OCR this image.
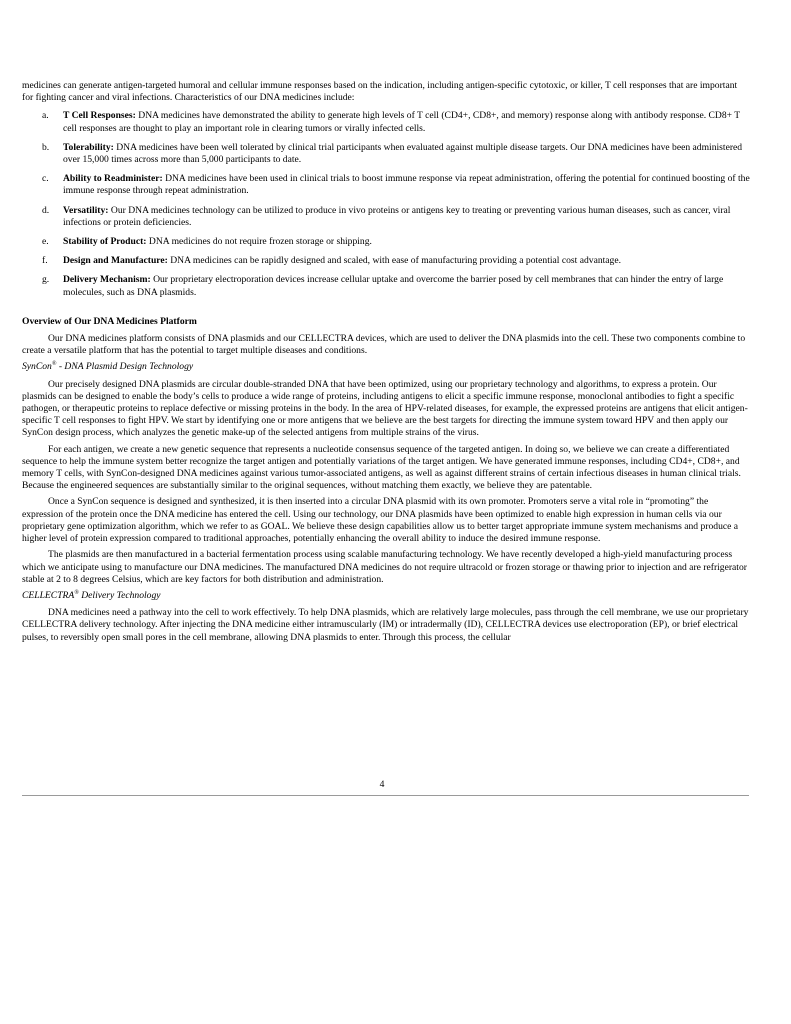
medicines can generate antigen-targeted humoral and cellular immune responses based on the indication, including antigen-specific cytotoxic, or killer, T cell responses that are important for fighting cancer and viral infections. Characteristics of our DNA medicines include:

a. T Cell Responses: DNA medicines have demonstrated the ability to generate high levels of T cell (CD4+, CD8+, and memory) response along with antibody response. CD8+ T cell responses are thought to play an important role in clearing tumors or virally infected cells.
b. Tolerability: DNA medicines have been well tolerated by clinical trial participants when evaluated against multiple disease targets. Our DNA medicines have been administered over 15,000 times across more than 5,000 participants to date.
c. Ability to Readminister: DNA medicines have been used in clinical trials to boost immune response via repeat administration, offering the potential for continued boosting of the immune response through repeat administration.
d. Versatility: Our DNA medicines technology can be utilized to produce in vivo proteins or antigens key to treating or preventing various human diseases, such as cancer, viral infections or protein deficiencies.
e. Stability of Product: DNA medicines do not require frozen storage or shipping.
f. Design and Manufacture: DNA medicines can be rapidly designed and scaled, with ease of manufacturing providing a potential cost advantage.
g. Delivery Mechanism: Our proprietary electroporation devices increase cellular uptake and overcome the barrier posed by cell membranes that can hinder the entry of large molecules, such as DNA plasmids.

Overview of Our DNA Medicines Platform

Our DNA medicines platform consists of DNA plasmids and our CELLECTRA devices, which are used to deliver the DNA plasmids into the cell. These two components combine to create a versatile platform that has the potential to target multiple diseases and conditions.

SynCon® - DNA Plasmid Design Technology

Our precisely designed DNA plasmids are circular double-stranded DNA that have been optimized, using our proprietary technology and algorithms, to express a protein. Our plasmids can be designed to enable the body’s cells to produce a wide range of proteins, including antigens to elicit a specific immune response, monoclonal antibodies to fight a specific pathogen, or therapeutic proteins to replace defective or missing proteins in the body. In the area of HPV-related diseases, for example, the expressed proteins are antigens that elicit antigen-specific T cell responses to fight HPV. We start by identifying one or more antigens that we believe are the best targets for directing the immune system toward HPV and then apply our SynCon design process, which analyzes the genetic make-up of the selected antigens from multiple strains of the virus.

For each antigen, we create a new genetic sequence that represents a nucleotide consensus sequence of the targeted antigen. In doing so, we believe we can create a differentiated sequence to help the immune system better recognize the target antigen and potentially variations of the target antigen. We have generated immune responses, including CD4+, CD8+, and memory T cells, with SynCon-designed DNA medicines against various tumor-associated antigens, as well as against different strains of certain infectious diseases in human clinical trials. Because the engineered sequences are substantially similar to the original sequences, without matching them exactly, we believe they are patentable.

Once a SynCon sequence is designed and synthesized, it is then inserted into a circular DNA plasmid with its own promoter. Promoters serve a vital role in “promoting” the expression of the protein once the DNA medicine has entered the cell. Using our technology, our DNA plasmids have been optimized to enable high expression in human cells via our proprietary gene optimization algorithm, which we refer to as GOAL. We believe these design capabilities allow us to better target appropriate immune system mechanisms and produce a higher level of protein expression compared to traditional approaches, potentially enhancing the overall ability to induce the desired immune response.

The plasmids are then manufactured in a bacterial fermentation process using scalable manufacturing technology. We have recently developed a high-yield manufacturing process which we anticipate using to manufacture our DNA medicines. The manufactured DNA medicines do not require ultracold or frozen storage or thawing prior to injection and are refrigerator stable at 2 to 8 degrees Celsius, which are key factors for both distribution and administration.

CELLECTRA® Delivery Technology

DNA medicines need a pathway into the cell to work effectively. To help DNA plasmids, which are relatively large molecules, pass through the cell membrane, we use our proprietary CELLECTRA delivery technology. After injecting the DNA medicine either intramuscularly (IM) or intradermally (ID), CELLECTRA devices use electroporation (EP), or brief electrical pulses, to reversibly open small pores in the cell membrane, allowing DNA plasmids to enter. Through this process, the cellular

4
